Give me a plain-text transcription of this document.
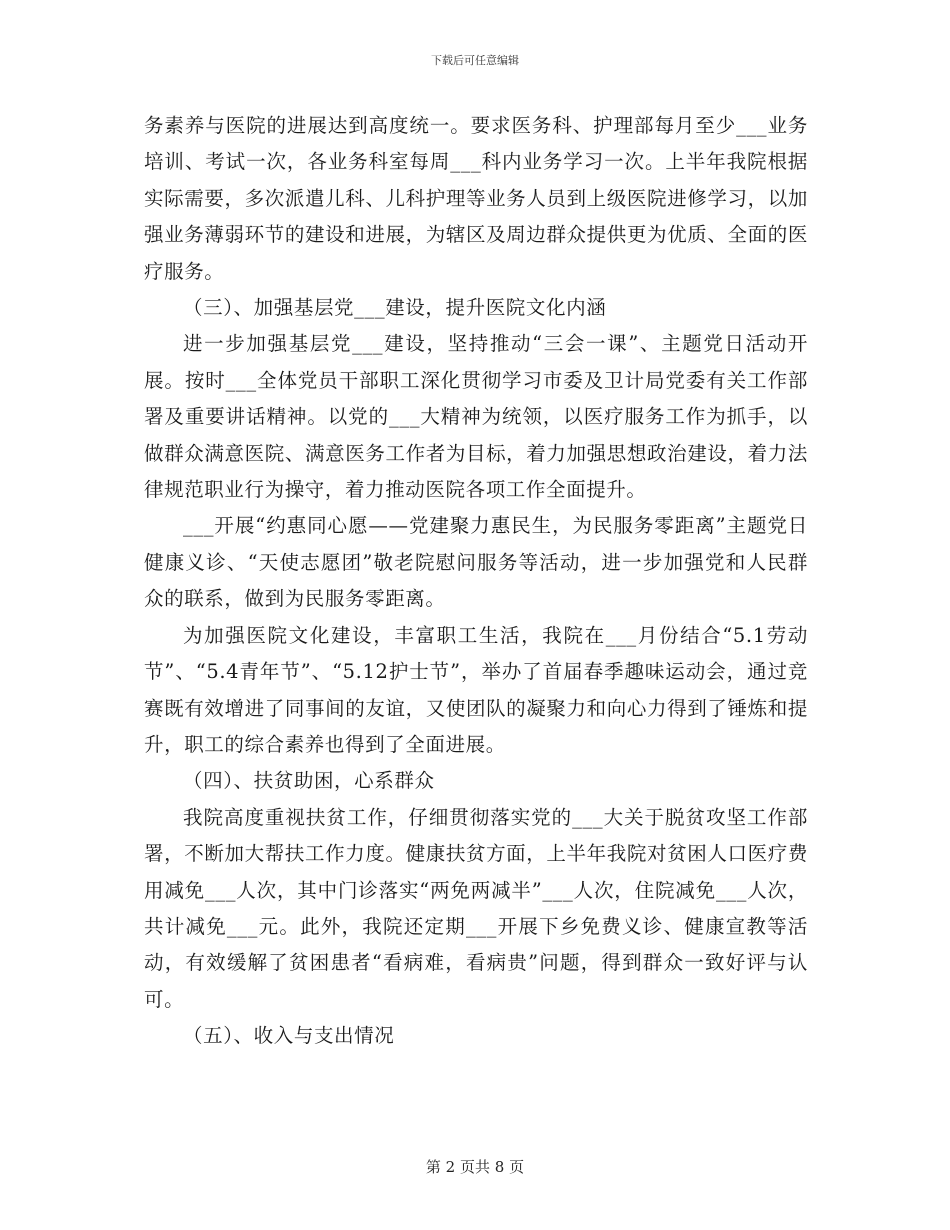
下载后可任意编辑

务素养与医院的进展达到高度统一。要求医务科、护理部每月至少___业务培训、考试一次，各业务科室每周___科内业务学习一次。上半年我院根据实际需要，多次派遣儿科、儿科护理等业务人员到上级医院进修学习，以加强业务薄弱环节的建设和进展，为辖区及周边群众提供更为优质、全面的医疗服务。

（三）、加强基层党___建设，提升医院文化内涵

进一步加强基层党___建设，坚持推动“三会一课”、主题党日活动开展。按时___全体党员干部职工深化贯彻学习市委及卫计局党委有关工作部署及重要讲话精神。以党的___大精神为统领，以医疗服务工作为抓手，以做群众满意医院、满意医务工作者为目标，着力加强思想政治建设，着力法律规范职业行为操守，着力推动医院各项工作全面提升。

___开展“约惠同心愿——党建聚力惠民生，为民服务零距离”主题党日健康义诊、“天使志愿团”敬老院慰问服务等活动，进一步加强党和人民群众的联系，做到为民服务零距离。

为加强医院文化建设，丰富职工生活，我院在___月份结合“5.1劳动节”、“5.4青年节”、“5.12护士节”，举办了首届春季趣味运动会，通过竞赛既有效增进了同事间的友谊，又使团队的凝聚力和向心力得到了锤炼和提升，职工的综合素养也得到了全面进展。

（四）、扶贫助困，心系群众

我院高度重视扶贫工作，仔细贯彻落实党的___大关于脱贫攻坚工作部署，不断加大帮扶工作力度。健康扶贫方面，上半年我院对贫困人口医疗费用减免___人次，其中门诊落实“两免两减半”___人次，住院减免___人次，共计减免___元。此外，我院还定期___开展下乡免费义诊、健康宣教等活动，有效缓解了贫困患者“看病难，看病贵”问题，得到群众一致好评与认可。

（五）、收入与支出情况

第 2 页共 8 页
